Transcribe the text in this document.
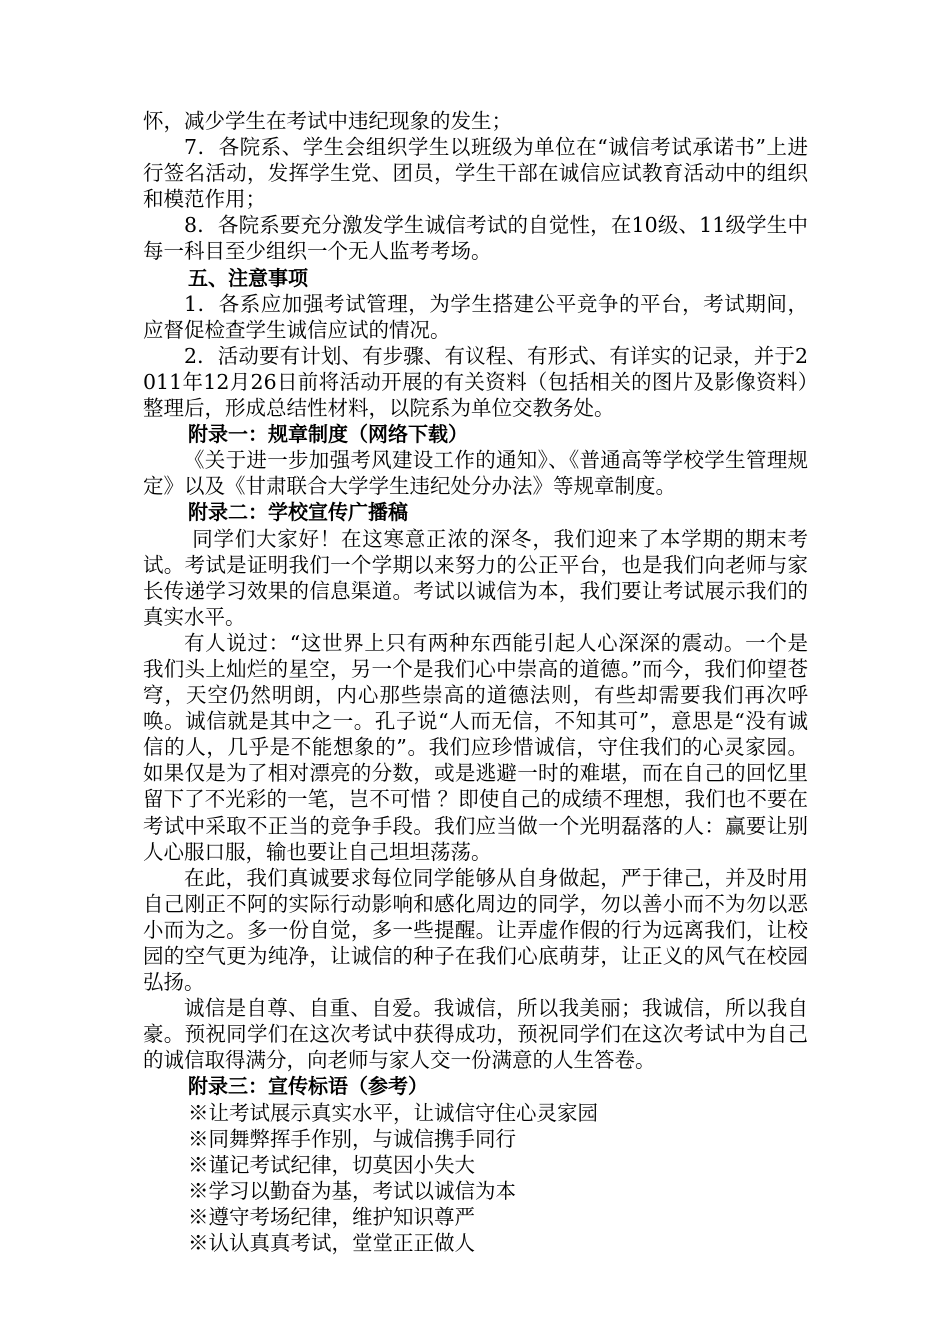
怀，减少学生在考试中违纪现象的发生；

7．各院系、学生会组织学生以班级为单位在“诚信考试承诺书”上进行签名活动，发挥学生党、团员，学生干部在诚信应试教育活动中的组织和模范作用；

8．各院系要充分激发学生诚信考试的自觉性，在10级、11级学生中每一科目至少组织一个无人监考考场。

五、注意事项

1．各系应加强考试管理，为学生搭建公平竞争的平台，考试期间，应督促检查学生诚信应试的情况。

2．活动要有计划、有步骤、有议程、有形式、有详实的记录，并于2011年12月26日前将活动开展的有关资料（包括相关的图片及影像资料）整理后，形成总结性材料，以院系为单位交教务处。

附录一：规章制度（网络下载）

《关于进一步加强考风建设工作的通知》、《普通高等学校学生管理规定》以及《甘肃联合大学学生违纪处分办法》等规章制度。

附录二：学校宣传广播稿

同学们大家好！在这寒意正浓的深冬，我们迎来了本学期的期末考试。考试是证明我们一个学期以来努力的公正平台，也是我们向老师与家长传递学习效果的信息渠道。考试以诚信为本，我们要让考试展示我们的真实水平。

有人说过：“这世界上只有两种东西能引起人心深深的震动。一个是我们头上灿烂的星空，另一个是我们心中崇高的道德。”而今，我们仰望苍穹，天空仍然明朗，内心那些崇高的道德法则，有些却需要我们再次呼唤。诚信就是其中之一。孔子说“人而无信，不知其可”，意思是“没有诚信的人，几乎是不能想象的”。我们应珍惜诚信，守住我们的心灵家园。如果仅是为了相对漂亮的分数，或是逃避一时的难堪，而在自己的回忆里留下了不光彩的一笔，岂不可惜 ？即使自己的成绩不理想，我们也不要在考试中采取不正当的竞争手段。我们应当做一个光明磊落的人：赢要让别人心服口服，输也要让自己坦坦荡荡。

在此，我们真诚要求每位同学能够从自身做起，严于律己，并及时用自己刚正不阿的实际行动影响和感化周边的同学，勿以善小而不为勿以恶小而为之。多一份自觉，多一些提醒。让弄虚作假的行为远离我们，让校园的空气更为纯净，让诚信的种子在我们心底萌芽，让正义的风气在校园弘扬。

诚信是自尊、自重、自爱。我诚信，所以我美丽；我诚信，所以我自豪。预祝同学们在这次考试中获得成功，预祝同学们在这次考试中为自己的诚信取得满分，向老师与家人交一份满意的人生答卷。

附录三：宣传标语（参考）

※让考试展示真实水平，让诚信守住心灵家园

※同舞弊挥手作别，与诚信携手同行

※谨记考试纪律，切莫因小失大

※学习以勤奋为基，考试以诚信为本

※遵守考场纪律，维护知识尊严

※认认真真考试，堂堂正正做人
